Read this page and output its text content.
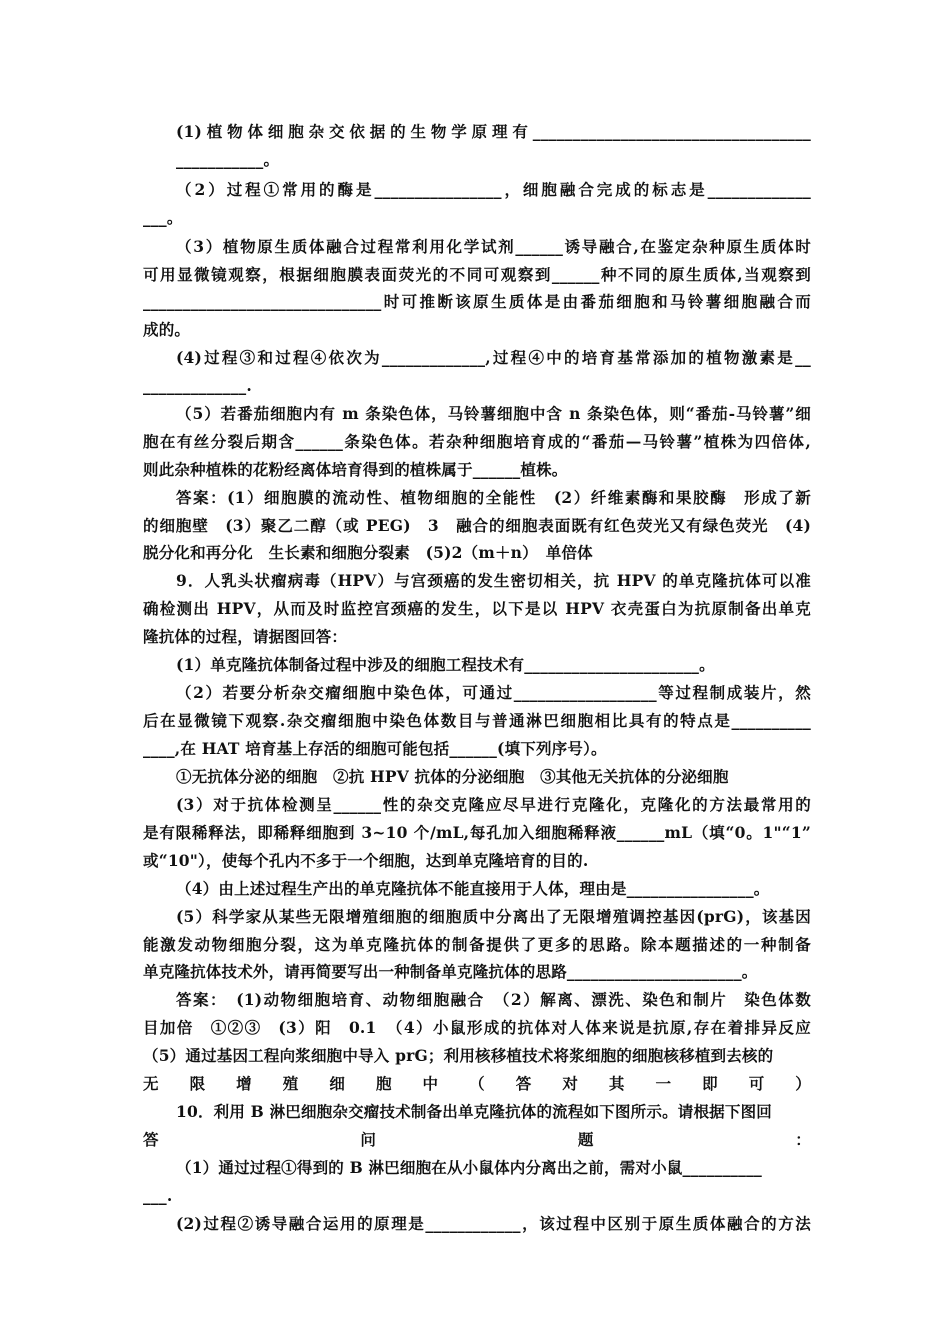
(1)植物体细胞杂交依据的生物学原理有___________________________________
___________。
（2）过程①常用的酶是________________，细胞融合完成的标志是_____________
___。
（3）植物原生质体融合过程常利用化学试剂______诱导融合,在鉴定杂种原生质体时
可用显微镜观察，根据细胞膜表面荧光的不同可观察到______种不同的原生质体,当观察到
______________________________时可推断该原生质体是由番茄细胞和马铃薯细胞融合而
成的。
(4)过程③和过程④依次为_____________,过程④中的培育基常添加的植物激素是__
_____________.
（5）若番茄细胞内有 m 条染色体，马铃薯细胞中含 n 条染色体，则“番茄-马铃薯”细
胞在有丝分裂后期含______条染色体。若杂种细胞培育成的“番茄—马铃薯”植株为四倍体,
则此杂种植株的花粉经离体培育得到的植株属于______植株。
答案：(1）细胞膜的流动性、植物细胞的全能性　(2）纤维素酶和果胶酶　形成了新
的细胞壁　(3）聚乙二醇（或 PEG)　3　融合的细胞表面既有红色荧光又有绿色荧光　(4)
脱分化和再分化　生长素和细胞分裂素　(5)2（m＋n）　单倍体
9．人乳头状瘤病毒（HPV）与宫颈癌的发生密切相关，抗 HPV 的单克隆抗体可以准
确检测出 HPV，从而及时监控宫颈癌的发生，以下是以 HPV 衣壳蛋白为抗原制备出单克
隆抗体的过程，请据图回答：
(1）单克隆抗体制备过程中涉及的细胞工程技术有______________________。
（2）若要分析杂交瘤细胞中染色体，可通过__________________等过程制成装片，然
后在显微镜下观察.杂交瘤细胞中染色体数目与普通淋巴细胞相比具有的特点是__________
____,在 HAT 培育基上存活的细胞可能包括______(填下列序号）。
①无抗体分泌的细胞　②抗 HPV 抗体的分泌细胞　③其他无关抗体的分泌细胞
(3）对于抗体检测呈______性的杂交克隆应尽早进行克隆化，克隆化的方法最常用的
是有限稀释法，即稀释细胞到 3~10 个/mL,每孔加入细胞稀释液______mL（填“0。1"“1”
或“10"），使每个孔内不多于一个细胞，达到单克隆培育的目的.
（4）由上述过程生产出的单克隆抗体不能直接用于人体，理由是________________。
(5）科学家从某些无限增殖细胞的细胞质中分离出了无限增殖调控基因(prG)，该基因
能激发动物细胞分裂，这为单克隆抗体的制备提供了更多的思路。除本题描述的一种制备
单克隆抗体技术外，请再简要写出一种制备单克隆抗体的思路______________________。
答案：　(1)动物细胞培育、动物细胞融合　（2）解离、漂洗、染色和制片　染色体数
目加倍　①②③　(3）阳　0.1　（4）小鼠形成的抗体对人体来说是抗原,存在着排异反应
（5）通过基因工程向浆细胞中导入 prG；利用核移植技术将浆细胞的细胞核移植到去核的
无限增殖细胞中（答对其一即可）
10．利用 B 淋巴细胞杂交瘤技术制备出单克隆抗体的流程如下图所示。请根据下图回
答问题：
（1）通过过程①得到的 B 淋巴细胞在从小鼠体内分离出之前，需对小鼠__________
___.
(2)过程②诱导融合运用的原理是____________，该过程中区别于原生质体融合的方法
